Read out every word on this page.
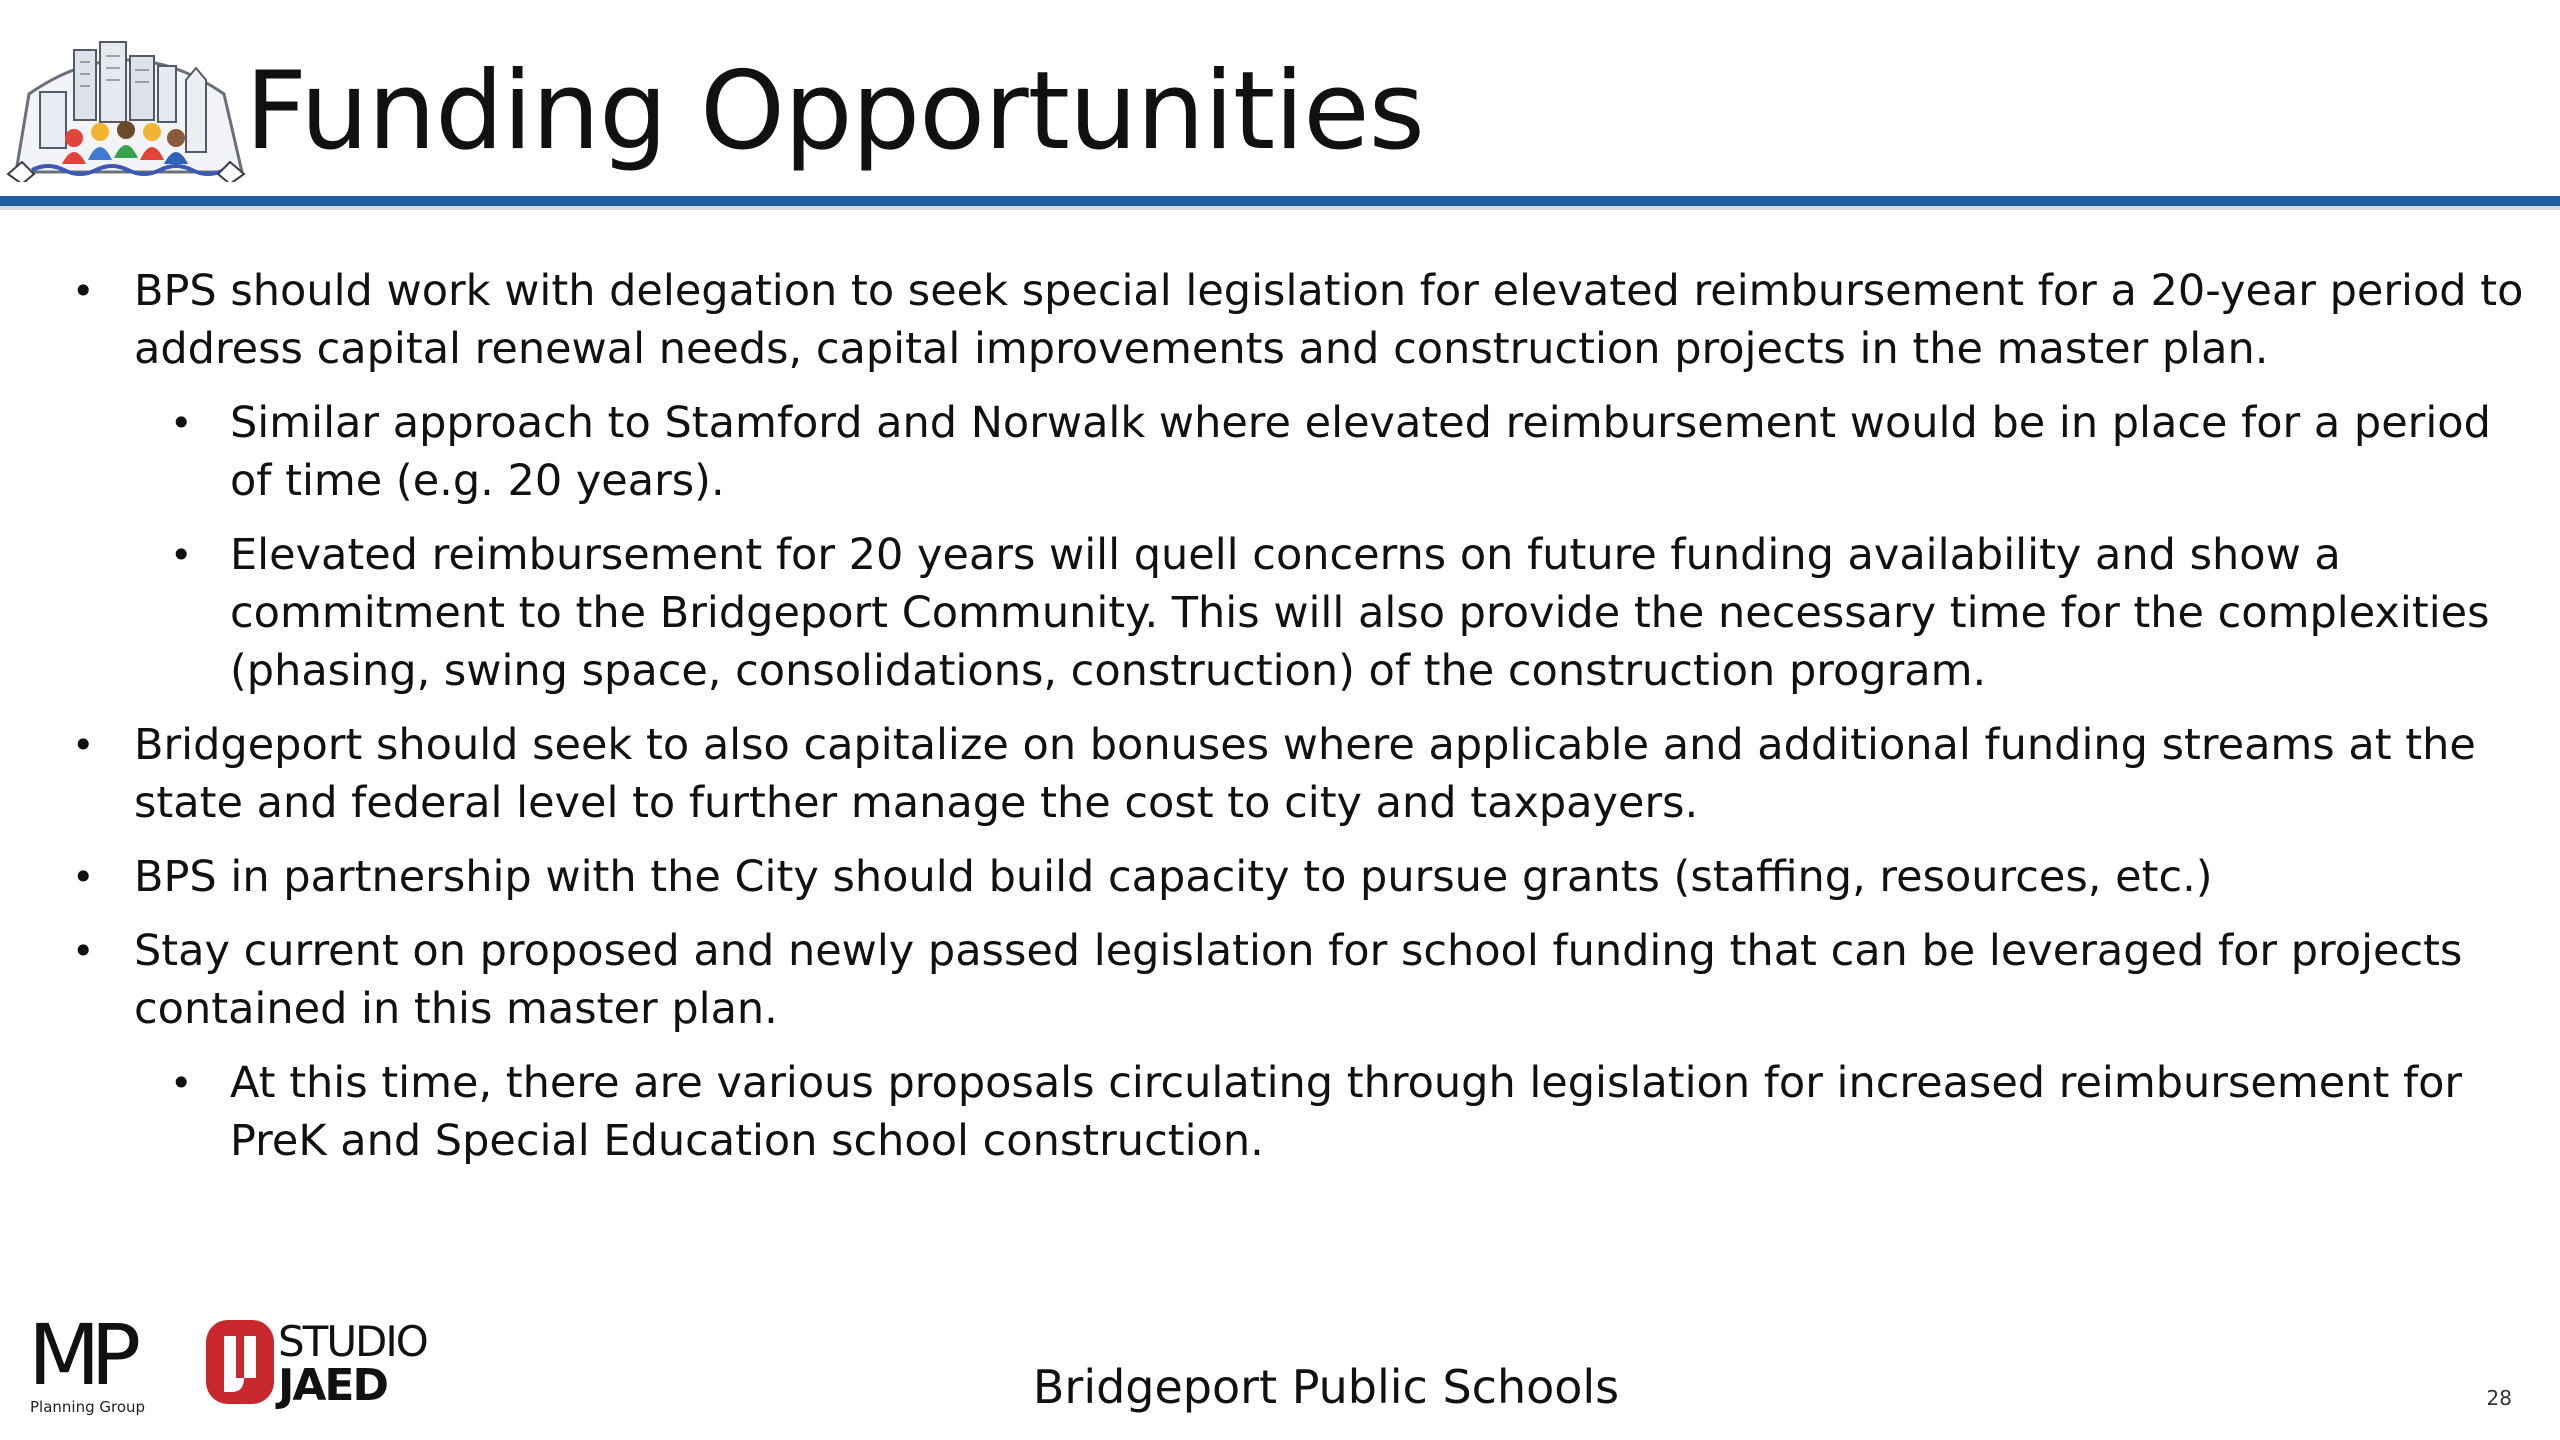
Funding Opportunities
• BPS should work with delegation to seek special legislation for elevated reimbursement for a 20-year period to
address capital renewal needs, capital improvements and construction projects in the master plan.
• Similar approach to Stamford and Norwalk where elevated reimbursement would be in place for a period
of time (e.g. 20 years).
• Elevated reimbursement for 20 years will quell concerns on future funding availability and show a
commitment to the Bridgeport Community. This will also provide the necessary time for the complexities
(phasing, swing space, consolidations, construction) of the construction program.
• Bridgeport should seek to also capitalize on bonuses where applicable and additional funding streams at the
state and federal level to further manage the cost to city and taxpayers.
• BPS in partnership with the City should build capacity to pursue grants (staffing, resources, etc.)
• Stay current on proposed and newly passed legislation for school funding that can be leveraged for projects
contained in this master plan.
• At this time, there are various proposals circulating through legislation for increased reimbursement for
PreK and Special Education school construction.
MP
Planning Group
STUDIO
JAED	Bridgeport Public Schools	28
